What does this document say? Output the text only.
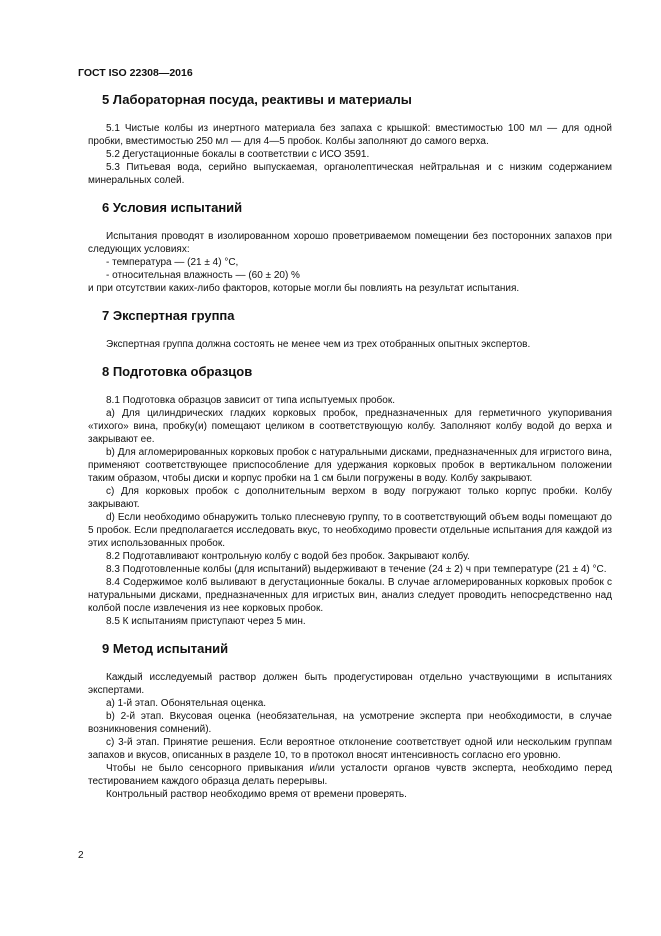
ГОСТ ISO 22308—2016
5 Лабораторная посуда, реактивы и материалы

5.1 Чистые колбы из инертного материала без запаха с крышкой: вместимостью 100 мл — для одной пробки, вместимостью 250 мл — для 4—5 пробок. Колбы заполняют до самого верха.

5.2 Дегустационные бокалы в соответствии с ИСО 3591.

5.3 Питьевая вода, серийно выпускаемая, органолептическая нейтральная и с низким содержанием минеральных солей.

6 Условия испытаний

Испытания проводят в изолированном хорошо проветриваемом помещении без посторонних запахов при следующих условиях:

- температура — (21 ± 4) °С,

- относительная влажность — (60 ± 20) %

и при отсутствии каких-либо факторов, которые могли бы повлиять на результат испытания.

7 Экспертная группа

Экспертная группа должна состоять не менее чем из трех отобранных опытных экспертов.

8 Подготовка образцов

8.1 Подготовка образцов зависит от типа испытуемых пробок.

a) Для цилиндрических гладких корковых пробок, предназначенных для герметичного укупоривания «тихого» вина, пробку(и) помещают целиком в соответствующую колбу. Заполняют колбу водой до верха и закрывают ее.

b) Для агломерированных корковых пробок с натуральными дисками, предназначенных для игристого вина, применяют соответствующее приспособление для удержания корковых пробок в вертикальном положении таким образом, чтобы диски и корпус пробки на 1 см были погружены в воду. Колбу закрывают.

c) Для корковых пробок с дополнительным верхом в воду погружают только корпус пробки. Колбу закрывают.

d) Если необходимо обнаружить только плесневую группу, то в соответствующий объем воды помещают до 5 пробок. Если предполагается исследовать вкус, то необходимо провести отдельные испытания для каждой из этих использованных пробок.

8.2 Подготавливают контрольную колбу с водой без пробок. Закрывают колбу.

8.3 Подготовленные колбы (для испытаний) выдерживают в течение (24 ± 2) ч при температуре (21 ± 4) °С.

8.4 Содержимое колб выливают в дегустационные бокалы. В случае агломерированных корковых пробок с натуральными дисками, предназначенных для игристых вин, анализ следует проводить непосредственно над колбой после извлечения из нее корковых пробок.

8.5 К испытаниям приступают через 5 мин.

9 Метод испытаний

Каждый исследуемый раствор должен быть продегустирован отдельно участвующими в испытаниях экспертами.

a) 1-й этап. Обонятельная оценка.

b) 2-й этап. Вкусовая оценка (необязательная, на усмотрение эксперта при необходимости, в случае возникновения сомнений).

c) 3-й этап. Принятие решения. Если вероятное отклонение соответствует одной или нескольким группам запахов и вкусов, описанных в разделе 10, то в протокол вносят интенсивность согласно его уровню.

Чтобы не было сенсорного привыкания и/или усталости органов чувств эксперта, необходимо перед тестированием каждого образца делать перерывы.

Контрольный раствор необходимо время от времени проверять.

2
